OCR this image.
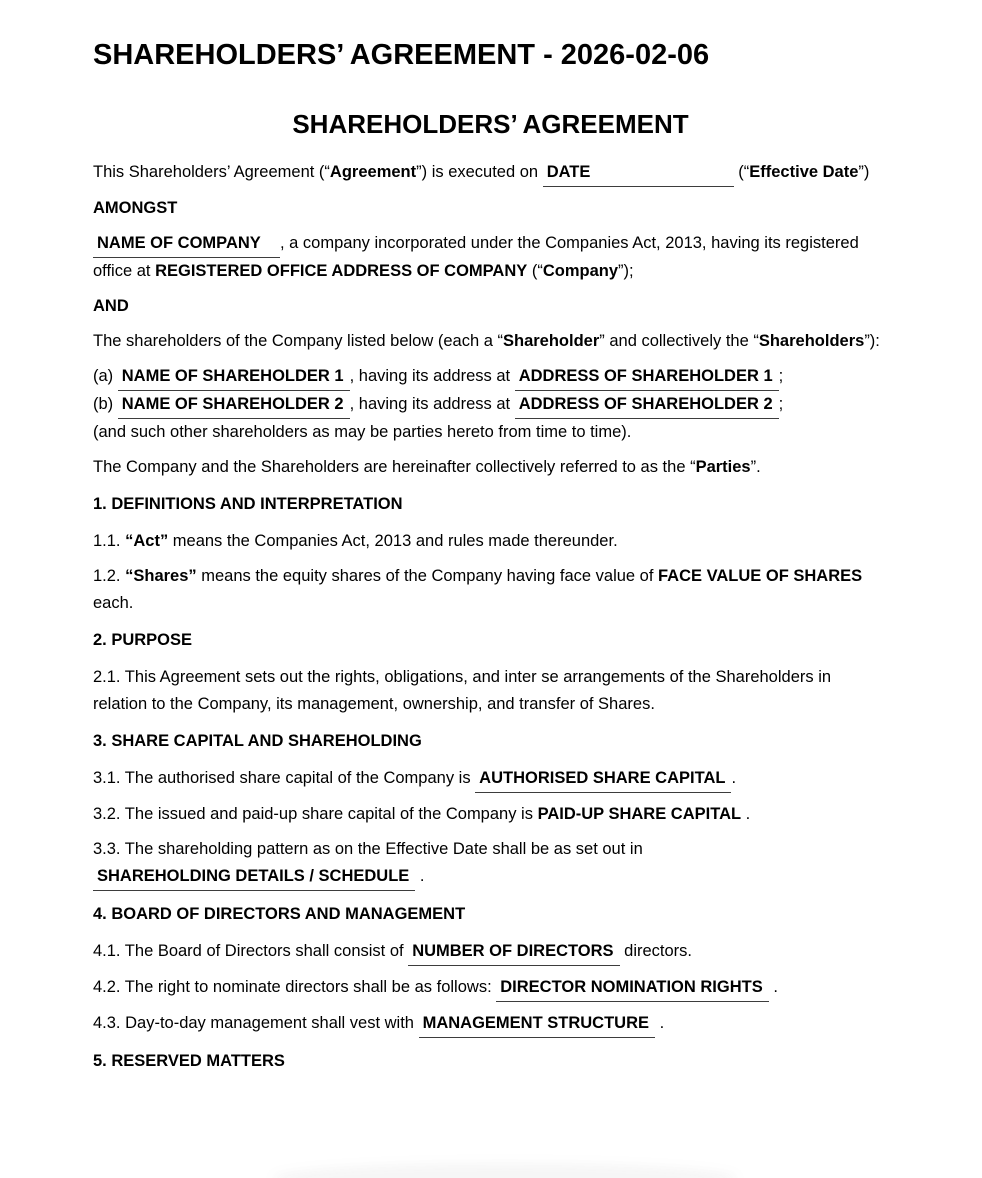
SHAREHOLDERS’ AGREEMENT - 2026-02-06
SHAREHOLDERS’ AGREEMENT

This Shareholders’ Agreement (“Agreement”) is executed on DATE	(“Effective Date”)

AMONGST

NAME OF COMPANY , a company incorporated under the Companies Act, 2013, having its registered office at REGISTERED OFFICE ADDRESS OF COMPANY (“Company”);

AND

The shareholders of the Company listed below (each a “Shareholder” and collectively the “Shareholders”):

(a) NAME OF SHAREHOLDER 1 , having its address at ADDRESS OF SHAREHOLDER 1 ;
(b) NAME OF SHAREHOLDER 2 , having its address at ADDRESS OF SHAREHOLDER 2 ;
(and such other shareholders as may be parties hereto from time to time).

The Company and the Shareholders are hereinafter collectively referred to as the “Parties”.

1. DEFINITIONS AND INTERPRETATION

1.1. “Act” means the Companies Act, 2013 and rules made thereunder.

1.2. “Shares” means the equity shares of the Company having face value of FACE VALUE OF SHARES each.

2. PURPOSE

2.1. This Agreement sets out the rights, obligations, and inter se arrangements of the Shareholders in relation to the Company, its management, ownership, and transfer of Shares.

3. SHARE CAPITAL AND SHAREHOLDING

3.1. The authorised share capital of the Company is AUTHORISED SHARE CAPITAL .

3.2. The issued and paid-up share capital of the Company is PAID-UP SHARE CAPITAL .

3.3. The shareholding pattern as on the Effective Date shall be as set out in SHAREHOLDING DETAILS / SCHEDULE .

4. BOARD OF DIRECTORS AND MANAGEMENT

4.1. The Board of Directors shall consist of NUMBER OF DIRECTORS directors.

4.2. The right to nominate directors shall be as follows: DIRECTOR NOMINATION RIGHTS .

4.3. Day-to-day management shall vest with MANAGEMENT STRUCTURE .

5. RESERVED MATTERS
